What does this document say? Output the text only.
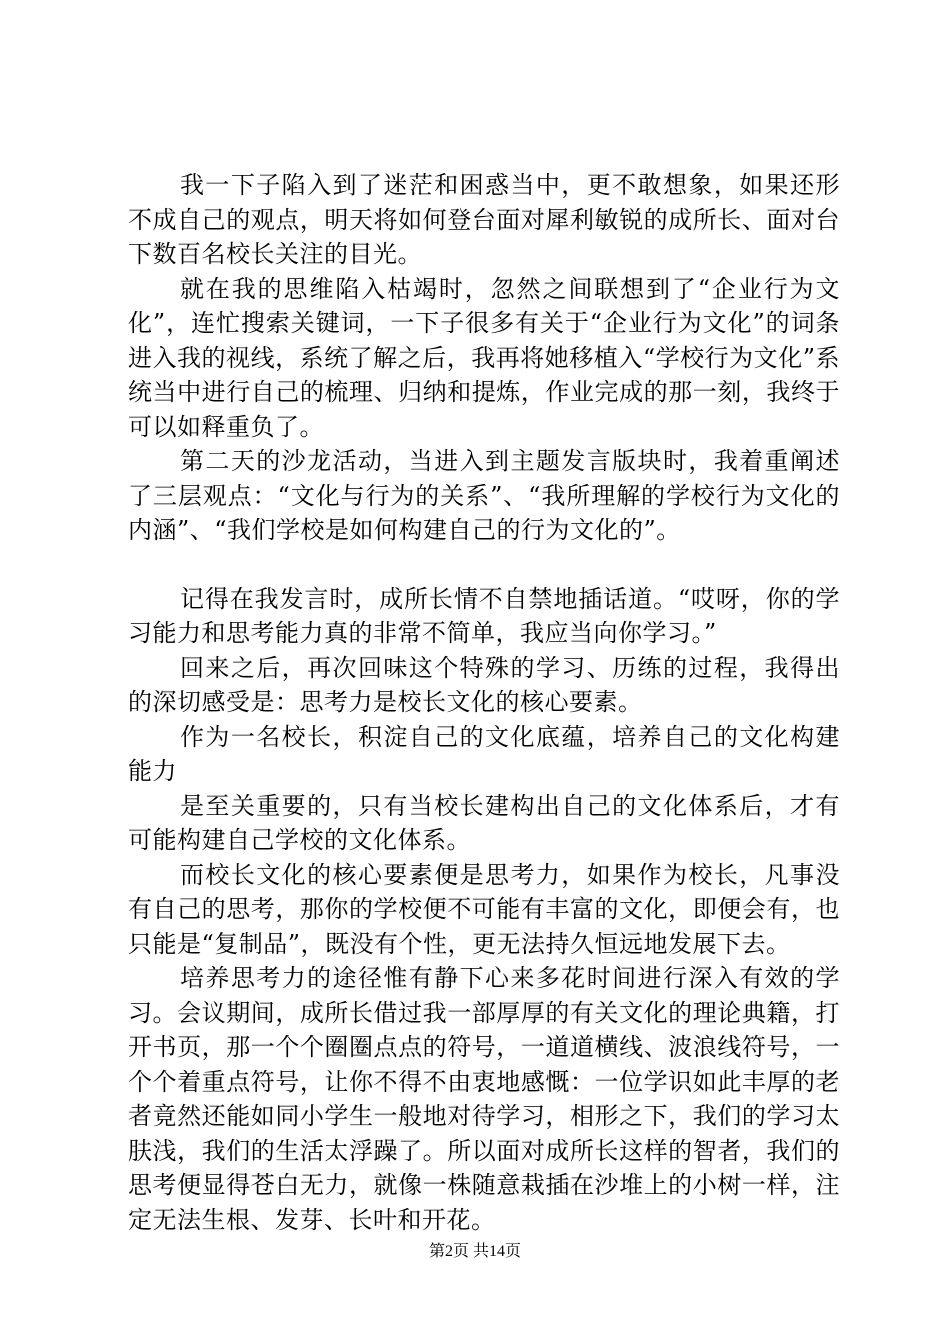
我一下子陷入到了迷茫和困惑当中，更不敢想象，如果还形不成自己的观点，明天将如何登台面对犀利敏锐的成所长、面对台下数百名校长关注的目光。

就在我的思维陷入枯竭时，忽然之间联想到了“企业行为文化”，连忙搜索关键词，一下子很多有关于“企业行为文化”的词条进入我的视线，系统了解之后，我再将她移植入“学校行为文化”系统当中进行自己的梳理、归纳和提炼，作业完成的那一刻，我终于可以如释重负了。

第二天的沙龙活动，当进入到主题发言版块时，我着重阐述了三层观点：“文化与行为的关系”、“我所理解的学校行为文化的内涵”、“我们学校是如何构建自己的行为文化的”。

记得在我发言时，成所长情不自禁地插话道。“哎呀，你的学习能力和思考能力真的非常不简单，我应当向你学习。”

回来之后，再次回味这个特殊的学习、历练的过程，我得出的深切感受是：思考力是校长文化的核心要素。

作为一名校长，积淀自己的文化底蕴，培养自己的文化构建能力

是至关重要的，只有当校长建构出自己的文化体系后，才有可能构建自己学校的文化体系。

而校长文化的核心要素便是思考力，如果作为校长，凡事没有自己的思考，那你的学校便不可能有丰富的文化，即便会有，也只能是“复制品”，既没有个性，更无法持久恒远地发展下去。

培养思考力的途径惟有静下心来多花时间进行深入有效的学习。会议期间，成所长借过我一部厚厚的有关文化的理论典籍，打开书页，那一个个圈圈点点的符号，一道道横线、波浪线符号，一个个着重点符号，让你不得不由衷地感慨：一位学识如此丰厚的老者竟然还能如同小学生一般地对待学习，相形之下，我们的学习太肤浅，我们的生活太浮躁了。所以面对成所长这样的智者，我们的思考便显得苍白无力，就像一株随意栽插在沙堆上的小树一样，注定无法生根、发芽、长叶和开花。

第2页 共14页
